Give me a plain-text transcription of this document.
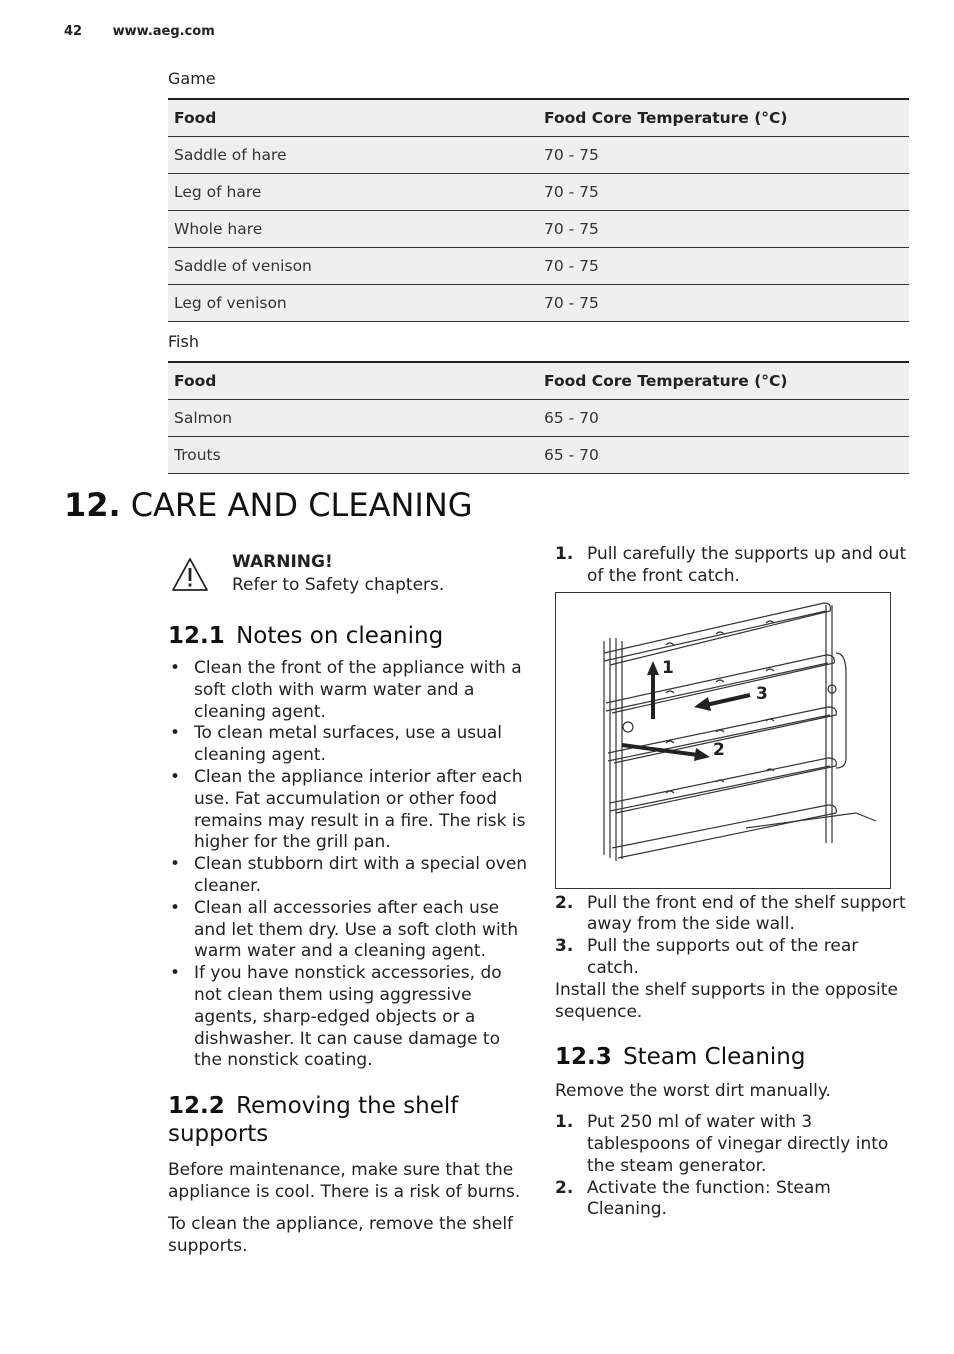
42 www.aeg.com
Game
Food	Food Core Temperature (°C)
Saddle of hare	70 - 75
Leg of hare	70 - 75
Whole hare	70 - 75
Saddle of venison	70 - 75
Leg of venison	70 - 75
Fish
Food	Food Core Temperature (°C)
Salmon	65 - 70
Trouts	65 - 70
12. CARE AND CLEANING
WARNING!
Refer to Safety chapters.
12.1 Notes on cleaning
• Clean the front of the appliance with a soft cloth with warm water and a cleaning agent.
• To clean metal surfaces, use a usual cleaning agent.
• Clean the appliance interior after each use. Fat accumulation or other food remains may result in a fire. The risk is higher for the grill pan.
• Clean stubborn dirt with a special oven cleaner.
• Clean all accessories after each use and let them dry. Use a soft cloth with warm water and a cleaning agent.
• If you have nonstick accessories, do not clean them using aggressive agents, sharp-edged objects or a dishwasher. It can cause damage to the nonstick coating.
12.2 Removing the shelf supports

Before maintenance, make sure that the appliance is cool. There is a risk of burns.

To clean the appliance, remove the shelf supports.

1. Pull carefully the supports up and out of the front catch.
1
3
2
2. Pull the front end of the shelf support away from the side wall.
3. Pull the supports out of the rear catch.

Install the shelf supports in the opposite sequence.

12.3 Steam Cleaning

Remove the worst dirt manually.

1. Put 250 ml of water with 3 tablespoons of vinegar directly into the steam generator.
2. Activate the function: Steam Cleaning.
